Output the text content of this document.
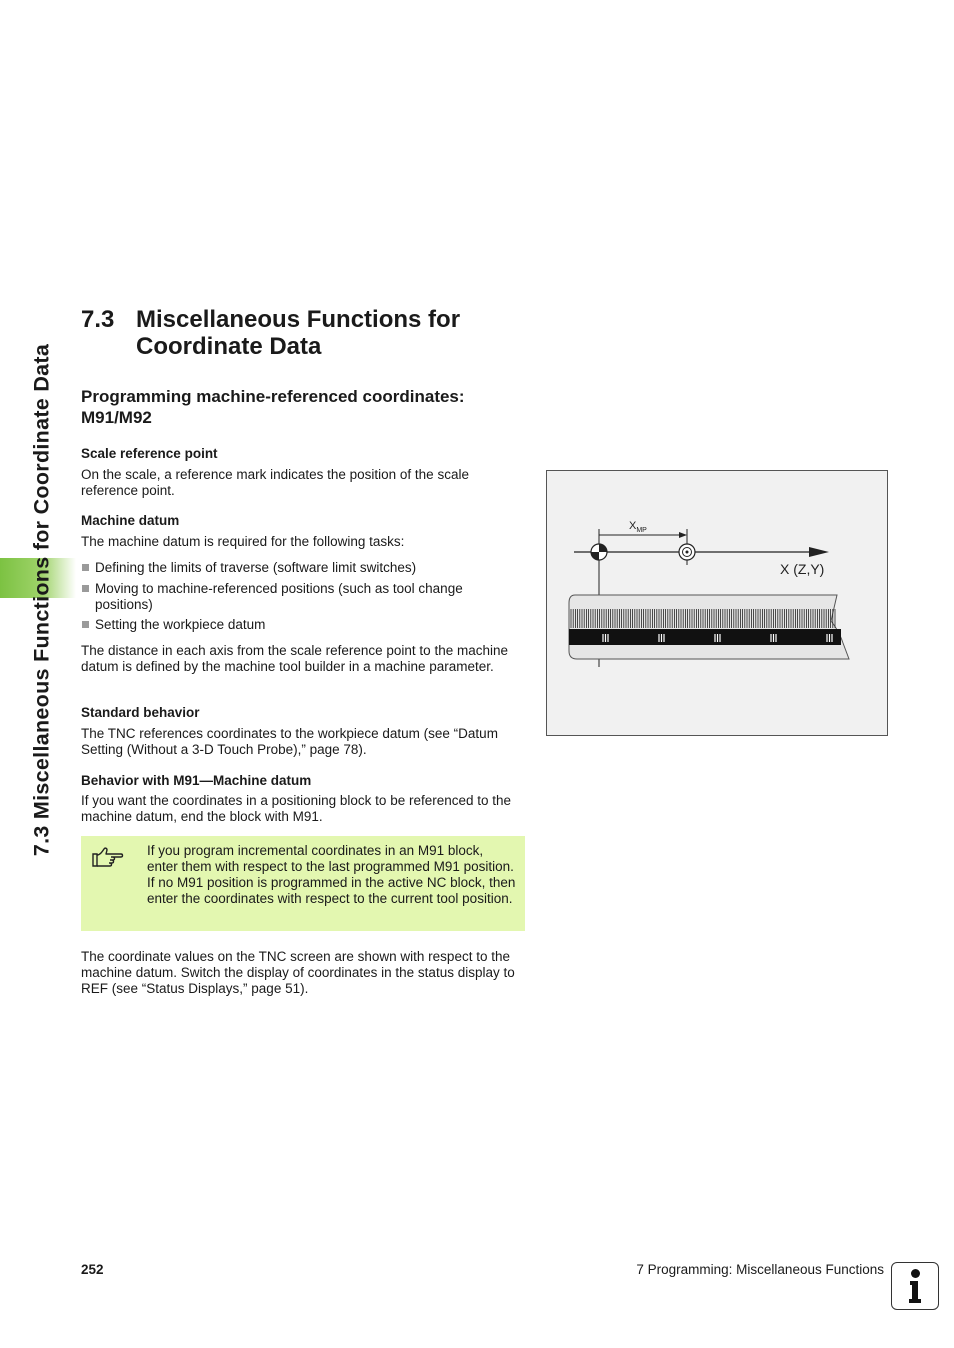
7.3 Miscellaneous Functions for Coordinate Data
7.3 Miscellaneous Functions for Coordinate Data
Programming machine-referenced coordinates: M91/M92
Scale reference point
On the scale, a reference mark indicates the position of the scale reference point.
Machine datum
The machine datum is required for the following tasks:
Defining the limits of traverse (software limit switches)
Moving to machine-referenced positions (such as tool change positions)
Setting the workpiece datum
The distance in each axis from the scale reference point to the machine datum is defined by the machine tool builder in a machine parameter.
Standard behavior
The TNC references coordinates to the workpiece datum (see “Datum Setting (Without a 3-D Touch Probe),” page 78).
Behavior with M91—Machine datum
If you want the coordinates in a positioning block to be referenced to the machine datum, end the block with M91.
If you program incremental coordinates in an M91 block, enter them with respect to the last programmed M91 position. If no M91 position is programmed in the active NC block, then enter the coordinates with respect to the current tool position.
The coordinate values on the TNC screen are shown with respect to the machine datum. Switch the display of coordinates in the status display to REF (see “Status Displays,” page 51).
$X_{MP}$
X (Z,Y)
252	7 Programming: Miscellaneous Functions
